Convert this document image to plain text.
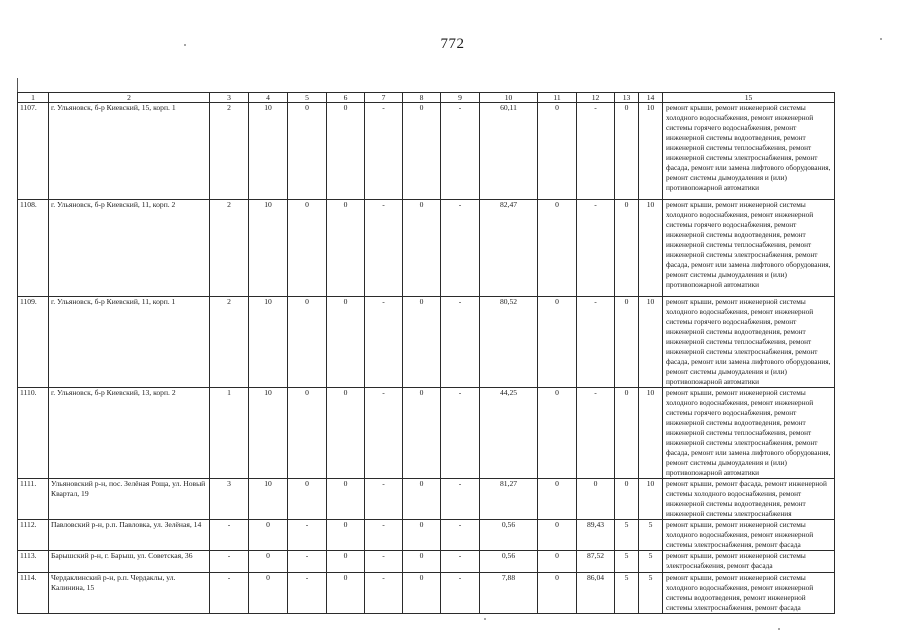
772
1	2	3	4	5	6	7	8	9	10	11	12	13	14	15
1107.	г. Ульяновск, б-р Киевский, 15, корп. 1	2	10	0	0	-	0	-	60,11	0	-	0	10	ремонт крыши, ремонт инженерной системы холодного водоснабжения, ремонт инженерной системы горячего водоснабжения, ремонт инженерной системы водоотведения, ремонт инженерной системы теплоснабжения, ремонт инженерной системы электроснабжения, ремонт фасада, ремонт или замена лифтового оборудования, ремонт системы дымоудаления и (или) противопожарной автоматики
1108.	г. Ульяновск, б-р Киевский, 11, корп. 2	2	10	0	0	-	0	-	82,47	0	-	0	10	ремонт крыши, ремонт инженерной системы холодного водоснабжения, ремонт инженерной системы горячего водоснабжения, ремонт инженерной системы водоотведения, ремонт инженерной системы теплоснабжения, ремонт инженерной системы электроснабжения, ремонт фасада, ремонт или замена лифтового оборудования, ремонт системы дымоудаления и (или) противопожарной автоматики
1109.	г. Ульяновск, б-р Киевский, 11, корп. 1	2	10	0	0	-	0	-	80,52	0	-	0	10	ремонт крыши, ремонт инженерной системы холодного водоснабжения, ремонт инженерной системы горячего водоснабжения, ремонт инженерной системы водоотведения, ремонт инженерной системы теплоснабжения, ремонт инженерной системы электроснабжения, ремонт фасада, ремонт или замена лифтового оборудования, ремонт системы дымоудаления и (или) противопожарной автоматики
1110.	г. Ульяновск, б-р Киевский, 13, корп. 2	1	10	0	0	-	0	-	44,25	0	-	0	10	ремонт крыши, ремонт инженерной системы холодного водоснабжения, ремонт инженерной системы горячего водоснабжения, ремонт инженерной системы водоотведения, ремонт инженерной системы теплоснабжения, ремонт инженерной системы электроснабжения, ремонт фасада, ремонт или замена лифтового оборудования, ремонт системы дымоудаления и (или) противопожарной автоматики
1111.	Ульяновский р-н, пос. Зелёная Роща, ул. Новый Квартал, 19	3	10	0	0	-	0	-	81,27	0	0	0	10	ремонт крыши, ремонт фасада, ремонт инженерной системы холодного водоснабжения, ремонт инженерной системы водоотведения, ремонт инженерной системы электроснабжения
1112.	Павловский р-н, р.п. Павловка, ул. Зелёная, 14	-	0	-	0	-	0	-	0,56	0	89,43	5	5	ремонт крыши, ремонт инженерной системы холодного водоснабжения, ремонт инженерной системы электроснабжения, ремонт фасада
1113.	Барышский р-н, г. Барыш, ул. Советская, 36	-	0	-	0	-	0	-	0,56	0	87,52	5	5	ремонт крыши, ремонт инженерной системы электроснабжения, ремонт фасада
1114.	Чердаклинский р-н, р.п. Чердаклы, ул. Калинина, 15	-	0	-	0	-	0	-	7,88	0	86,04	5	5	ремонт крыши, ремонт инженерной системы холодного водоснабжения, ремонт инженерной системы водоотведения, ремонт инженерной системы электроснабжения, ремонт фасада
